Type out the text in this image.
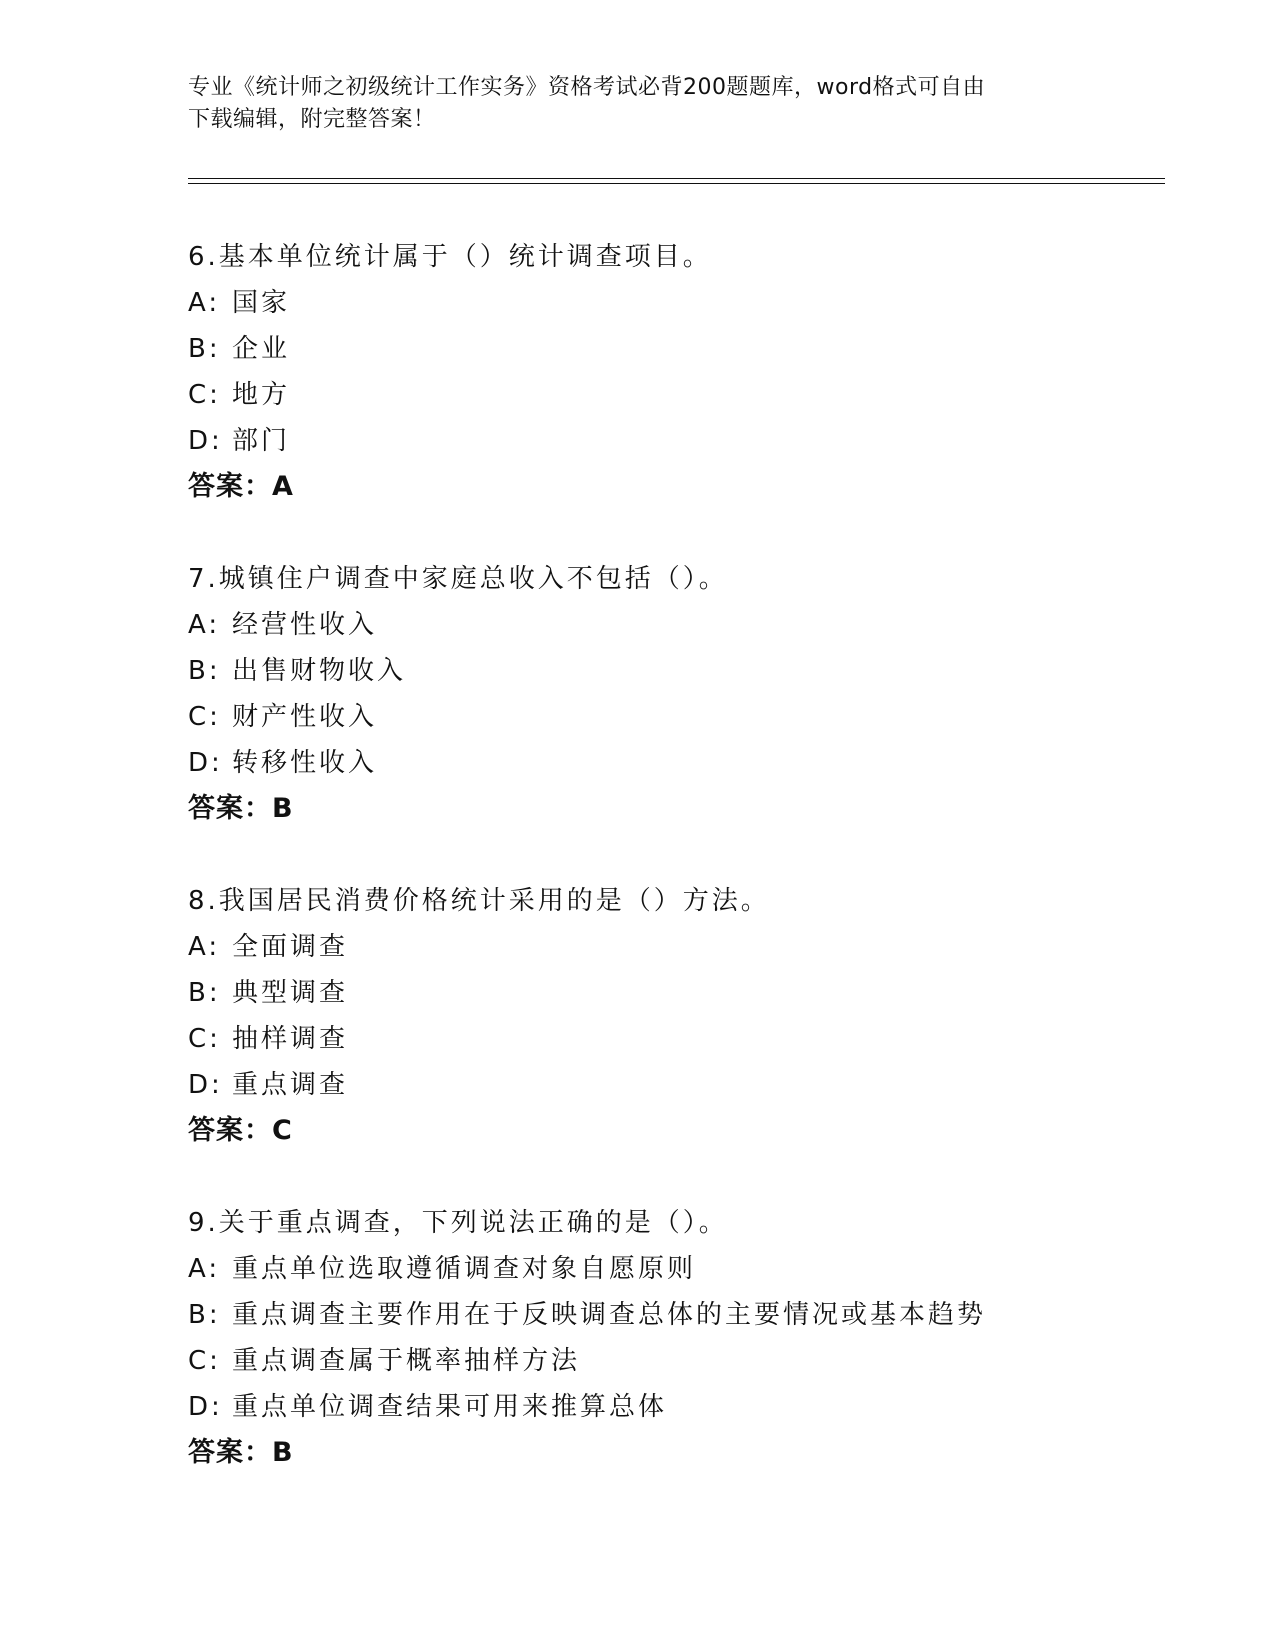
专业《统计师之初级统计工作实务》资格考试必背200题题库，word格式可自由
下载编辑，附完整答案！
6.基本单位统计属于（）统计调查项目。
A: 国家
B: 企业
C: 地方
D: 部门
答案：A
7.城镇住户调查中家庭总收入不包括（）。
A: 经营性收入
B: 出售财物收入
C: 财产性收入
D: 转移性收入
答案：B
8.我国居民消费价格统计采用的是（）方法。
A: 全面调查
B: 典型调查
C: 抽样调查
D: 重点调查
答案：C
9.关于重点调查，下列说法正确的是（）。
A: 重点单位选取遵循调查对象自愿原则
B: 重点调查主要作用在于反映调查总体的主要情况或基本趋势
C: 重点调查属于概率抽样方法
D: 重点单位调查结果可用来推算总体
答案：B
